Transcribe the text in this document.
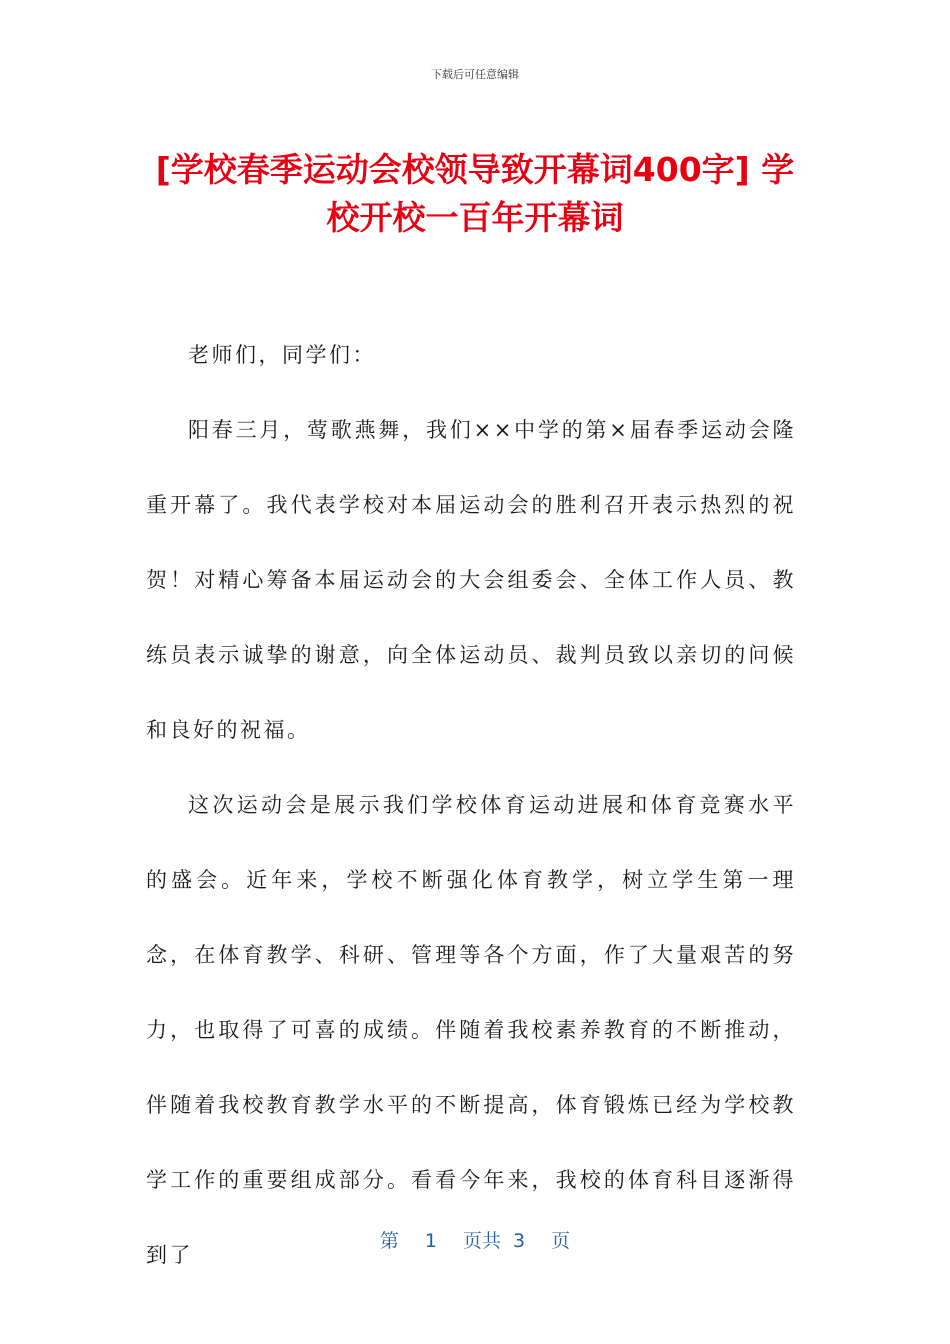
下载后可任意编辑
[学校春季运动会校领导致开幕词400字] 学校开校一百年开幕词

老师们，同学们：

阳春三月，莺歌燕舞，我们××中学的第×届春季运动会隆重开幕了。我代表学校对本届运动会的胜利召开表示热烈的祝贺！对精心筹备本届运动会的大会组委会、全体工作人员、教练员表示诚挚的谢意，向全体运动员、裁判员致以亲切的问候和良好的祝福。

这次运动会是展示我们学校体育运动进展和体育竞赛水平的盛会。近年来，学校不断强化体育教学，树立学生第一理念，在体育教学、科研、管理等各个方面，作了大量艰苦的努力，也取得了可喜的成绩。伴随着我校素养教育的不断推动，伴随着我校教育教学水平的不断提高，体育锻炼已经为学校教学工作的重要组成部分。看看今年来，我校的体育科目逐渐得到了

第 1 页共 3 页
